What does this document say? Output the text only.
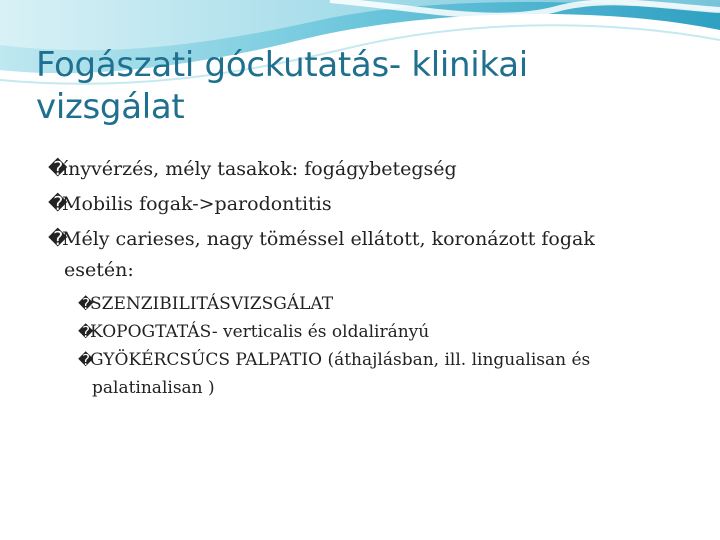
Fogászati góckutatás- klinikai
vizsgálat

�ínyvérzés, mély tasakok: fogágybetegség

�Mobilis fogak->parodontitis

�Mély carieses, nagy töméssel ellátott, koronázott fogak esetén:

�SZENZIBILITÁSVIZSGÁLAT

�KOPOGTATÁS- verticalis és oldalirányú

�GYÖKÉRCSÚCS PALPATIO (áthajlásban, ill. lingualisan és palatinalisan )
